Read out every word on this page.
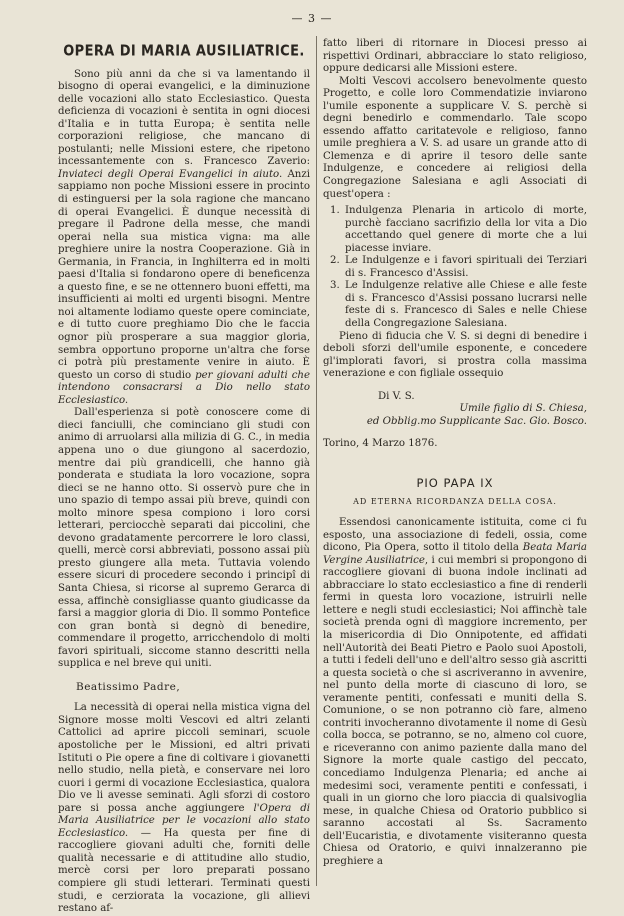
— 3 —
OPERA DI MARIA AUSILIATRICE.

Sono più anni da che si va lamentando il bisogno di operai evangelici, e la diminuzione delle vocazioni allo stato Ecclesiastico. Questa deficienza di vocazioni è sentita in ogni diocesi d'Italia e in tutta Europa; è sentita nelle corporazioni religiose, che mancano di postulanti; nelle Missioni estere, che ripetono incessantemente con s. Francesco Zaverio: Inviateci degli Operai Evangelici in aiuto. Anzi sappiamo non poche Missioni essere in procinto di estinguersi per la sola ragione che mancano di operai Evangelici. È dunque necessità di pregare il Padrone della messe, che mandi operai nella sua mistica vigna: ma alle preghiere unire la nostra Cooperazione. Già in Germania, in Francia, in Inghilterra ed in molti paesi d'Italia si fondarono opere di beneficenza a questo fine, e se ne ottennero buoni effetti, ma insufficienti ai molti ed urgenti bisogni. Mentre noi altamente lodiamo queste opere cominciate, e di tutto cuore preghiamo Dio che le faccia ognor più prosperare a sua maggior gloria, sembra opportuno proporne un'altra che forse ci potrà più prestamente venire in aiuto. È questo un corso di studio per giovani adulti che intendono consacrarsi a Dio nello stato Ecclesiastico.

Dall'esperienza si potè conoscere come di dieci fanciulli, che cominciano gli studi con animo di arruolarsi alla milizia di G. C., in media appena uno o due giungono al sacerdozio, mentre dai più grandicelli, che hanno già ponderata e studiata la loro vocazione, sopra dieci se ne hanno otto. Si osservò pure che in uno spazio di tempo assai più breve, quindi con molto minore spesa compiono i loro corsi letterari, perciocchè separati dai piccolini, che devono gradatamente percorrere le loro classi, quelli, mercè corsi abbreviati, possono assai più presto giungere alla meta. Tuttavia volendo essere sicuri di procedere secondo i principî di Santa Chiesa, si ricorse al supremo Gerarca di essa, affinchè consigliasse quanto giudicasse da farsi a maggior gloria di Dio. Il sommo Pontefice con gran bontà si degnò di benedire, commendare il progetto, arricchendolo di molti favori spirituali, siccome stanno descritti nella supplica e nel breve qui uniti.

Beatissimo Padre,

La necessità di operai nella mistica vigna del Signore mosse molti Vescovi ed altri zelanti Cattolici ad aprire piccoli seminari, scuole apostoliche per le Missioni, ed altri privati Istituti o Pie opere a fine di coltivare i giovanetti nello studio, nella pietà, e conservare nei loro cuori i germi di vocazione Ecclesiastica, qualora Dio ve li avesse seminati. Agli sforzi di costoro pare si possa anche aggiungere l'Opera di Maria Ausiliatrice per le vocazioni allo stato Ecclesiastico. — Ha questa per fine di raccogliere giovani adulti che, forniti delle qualità necessarie e di attitudine allo studio, mercè corsi per loro preparati possano compiere gli studi letterari. Terminati questi studi, e cerziorata la vocazione, gli allievi restano af-

fatto liberi di ritornare in Diocesi presso ai rispettivi Ordinari, abbracciare lo stato religioso, oppure dedicarsi alle Missioni estere.

Molti Vescovi accolsero benevolmente questo Progetto, e colle loro Commendatizie inviarono l'umile esponente a supplicare V. S. perchè si degni benedirlo e commendarlo. Tale scopo essendo affatto caritatevole e religioso, fanno umile preghiera a V. S. ad usare un grande atto di Clemenza e di aprire il tesoro delle sante Indulgenze, e concedere ai religiosi della Congregazione Salesiana e agli Associati di quest'opera :

1. Indulgenza Plenaria in articolo di morte, purchè facciano sacrifizio della lor vita a Dio accettando quel genere di morte che a lui piacesse inviare.
2. Le Indulgenze e i favori spirituali dei Terziari di s. Francesco d'Assisi.
3. Le Indulgenze relative alle Chiese e alle feste di s. Francesco d'Assisi possano lucrarsi nelle feste di s. Francesco di Sales e nelle Chiese della Congregazione Salesiana.

Pieno di fiducia che V. S. si degni di benedire i deboli sforzi dell'umile esponente, e concedere gl'implorati favori, si prostra colla massima venerazione e con figliale ossequio

Di V. S.

Umile figlio di S. Chiesa,

ed Obblig.mo Supplicante Sac. Gio. Bosco.

Torino, 4 Marzo 1876.

PIO PAPA IX
AD ETERNA RICORDANZA DELLA COSA.

Essendosi canonicamente istituita, come ci fu esposto, una associazione di fedeli, ossia, come dicono, Pia Opera, sotto il titolo della Beata Maria Vergine Ausiliatrice, i cui membri si propongono di raccogliere giovani di buona indole inclinati ad abbracciare lo stato ecclesiastico a fine di renderli fermi in questa loro vocazione, istruirli nelle lettere e negli studi ecclesiastici; Noi affinchè tale società prenda ogni dì maggiore incremento, per la misericordia di Dio Onnipotente, ed affidati nell'Autorità dei Beati Pietro e Paolo suoi Apostoli, a tutti i fedeli dell'uno e dell'altro sesso già ascritti a questa società o che si ascriveranno in avvenire, nel punto della morte di ciascuno di loro, se veramente pentiti, confessati e muniti della S. Comunione, o se non potranno ciò fare, almeno contriti invocheranno divotamente il nome di Gesù colla bocca, se potranno, se no, almeno col cuore, e riceveranno con animo paziente dalla mano del Signore la morte quale castigo del peccato, concediamo Indulgenza Plenaria; ed anche ai medesimi soci, veramente pentiti e confessati, i quali in un giorno che loro piaccia di qualsivoglia mese, in qualche Chiesa od Oratorio pubblico si saranno accostati al Ss. Sacramento dell'Eucaristia, e divotamente visiteranno questa Chiesa od Oratorio, e quivi innalzeranno pie preghiere a
